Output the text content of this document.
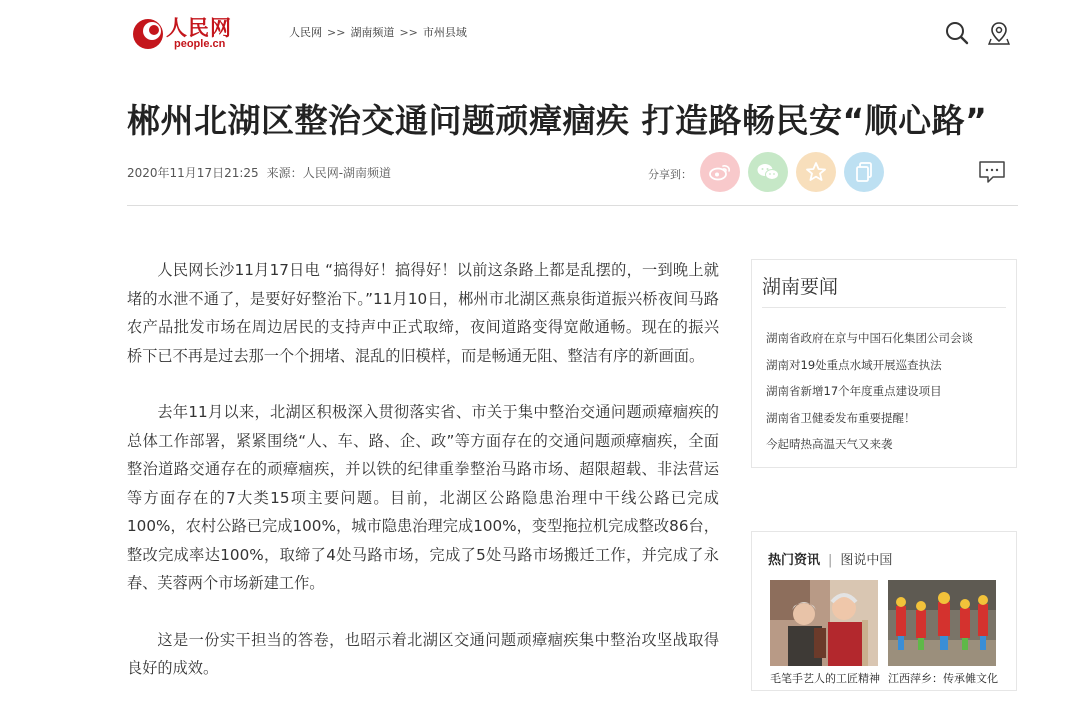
人民网
people.cn
人民网 >> 湖南频道 >> 市州县域
郴州北湖区整治交通问题顽瘴痼疾 打造路畅民安“顺心路”
2020年11月17日21:25 来源：人民网-湖南频道	分享到：

人民网长沙11月17日电 “搞得好！搞得好！以前这条路上都是乱摆的，一到晚上就堵的水泄不通了，是要好好整治下。”11月10日，郴州市北湖区燕泉街道振兴桥夜间马路农产品批发市场在周边居民的支持声中正式取缔，夜间道路变得宽敞通畅。现在的振兴桥下已不再是过去那一个个拥堵、混乱的旧模样，而是畅通无阻、整洁有序的新画面。

去年11月以来，北湖区积极深入贯彻落实省、市关于集中整治交通问题顽瘴痼疾的总体工作部署，紧紧围绕“人、车、路、企、政”等方面存在的交通问题顽瘴痼疾，全面整治道路交通存在的顽瘴痼疾，并以铁的纪律重拳整治马路市场、超限超载、非法营运等方面存在的7大类15项主要问题。目前，北湖区公路隐患治理中干线公路已完成100%，农村公路已完成100%，城市隐患治理完成100%，变型拖拉机完成整改86台，整改完成率达100%，取缔了4处马路市场，完成了5处马路市场搬迁工作，并完成了永春、芙蓉两个市场新建工作。

这是一份实干担当的答卷，也昭示着北湖区交通问题顽瘴痼疾集中整治攻坚战取得良好的成效。

湖南要闻
湖南省政府在京与中国石化集团公司会谈
湖南对19处重点水域开展巡查执法
湖南省新增17个年度重点建设项目
湖南省卫健委发布重要提醒！
今起晴热高温天气又来袭
热门资讯 | 图说中国
毛笔手艺人的工匠精神 江西萍乡：传承傩文化
